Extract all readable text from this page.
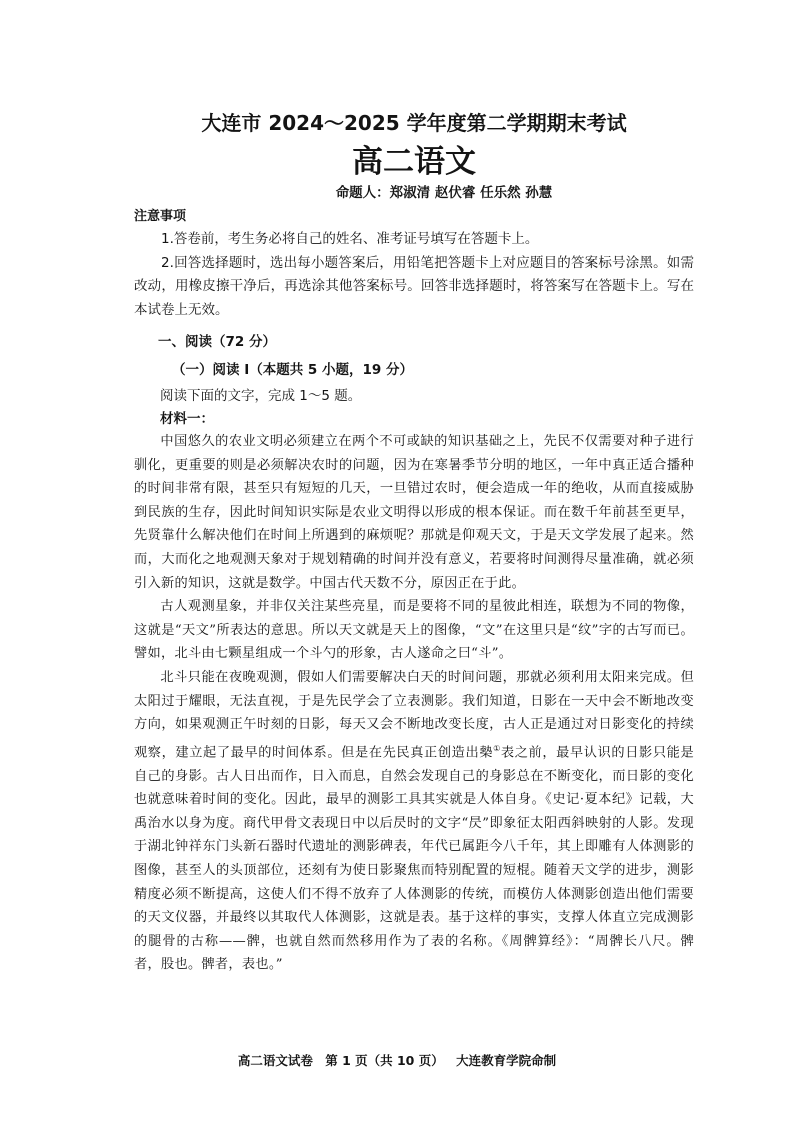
大连市 2024～2025 学年度第二学期期末考试
高二语文
命题人：郑淑清 赵伏睿 任乐然 孙慧
注意事项

1.答卷前，考生务必将自己的姓名、准考证号填写在答题卡上。

2.回答选择题时，选出每小题答案后，用铅笔把答题卡上对应题目的答案标号涂黑。如需改动，用橡皮擦干净后，再选涂其他答案标号。回答非选择题时，将答案写在答题卡上。写在本试卷上无效。

一、阅读（72 分）
（一）阅读 I（本题共 5 小题，19 分）
阅读下面的文字，完成 1～5 题。
材料一：

中国悠久的农业文明必须建立在两个不可或缺的知识基础之上，先民不仅需要对种子进行驯化，更重要的则是必须解决农时的问题，因为在寒暑季节分明的地区，一年中真正适合播种的时间非常有限，甚至只有短短的几天，一旦错过农时，便会造成一年的绝收，从而直接威胁到民族的生存，因此时间知识实际是农业文明得以形成的根本保证。而在数千年前甚至更早，先贤靠什么解决他们在时间上所遇到的麻烦呢？那就是仰观天文，于是天文学发展了起来。然而，大而化之地观测天象对于规划精确的时间并没有意义，若要将时间测得尽量准确，就必须引入新的知识，这就是数学。中国古代天数不分，原因正在于此。

古人观测星象，并非仅关注某些亮星，而是要将不同的星彼此相连，联想为不同的物像，这就是“天文”所表达的意思。所以天文就是天上的图像，“文”在这里只是“纹”字的古写而已。譬如，北斗由七颗星组成一个斗勺的形象，古人遂命之曰“斗”。

北斗只能在夜晚观测，假如人们需要解决白天的时间问题，那就必须利用太阳来完成。但太阳过于耀眼，无法直视，于是先民学会了立表测影。我们知道，日影在一天中会不断地改变方向，如果观测正午时刻的日影，每天又会不断地改变长度，古人正是通过对日影变化的持续观察，建立起了最早的时间体系。但是在先民真正创造出槷①表之前，最早认识的日影只能是自己的身影。古人日出而作，日入而息，自然会发现自己的身影总在不断变化，而日影的变化也就意味着时间的变化。因此，最早的测影工具其实就是人体自身。《史记·夏本纪》记载，大禹治水以身为度。商代甲骨文表现日中以后昃时的文字“昃”即象征太阳西斜映射的人影。发现于湖北钟祥东门头新石器时代遗址的测影碑表，年代已属距今八千年，其上即雕有人体测影的图像，甚至人的头顶部位，还刻有为使日影聚焦而特别配置的短棍。随着天文学的进步，测影精度必须不断提高，这使人们不得不放弃了人体测影的传统，而模仿人体测影创造出他们需要的天文仪器，并最终以其取代人体测影，这就是表。基于这样的事实，支撑人体直立完成测影的腿骨的古称——髀，也就自然而然移用作为了表的名称。《周髀算经》：“周髀长八尺。髀者，股也。髀者，表也。”

高二语文试卷 第 1 页（共 10 页） 大连教育学院命制
